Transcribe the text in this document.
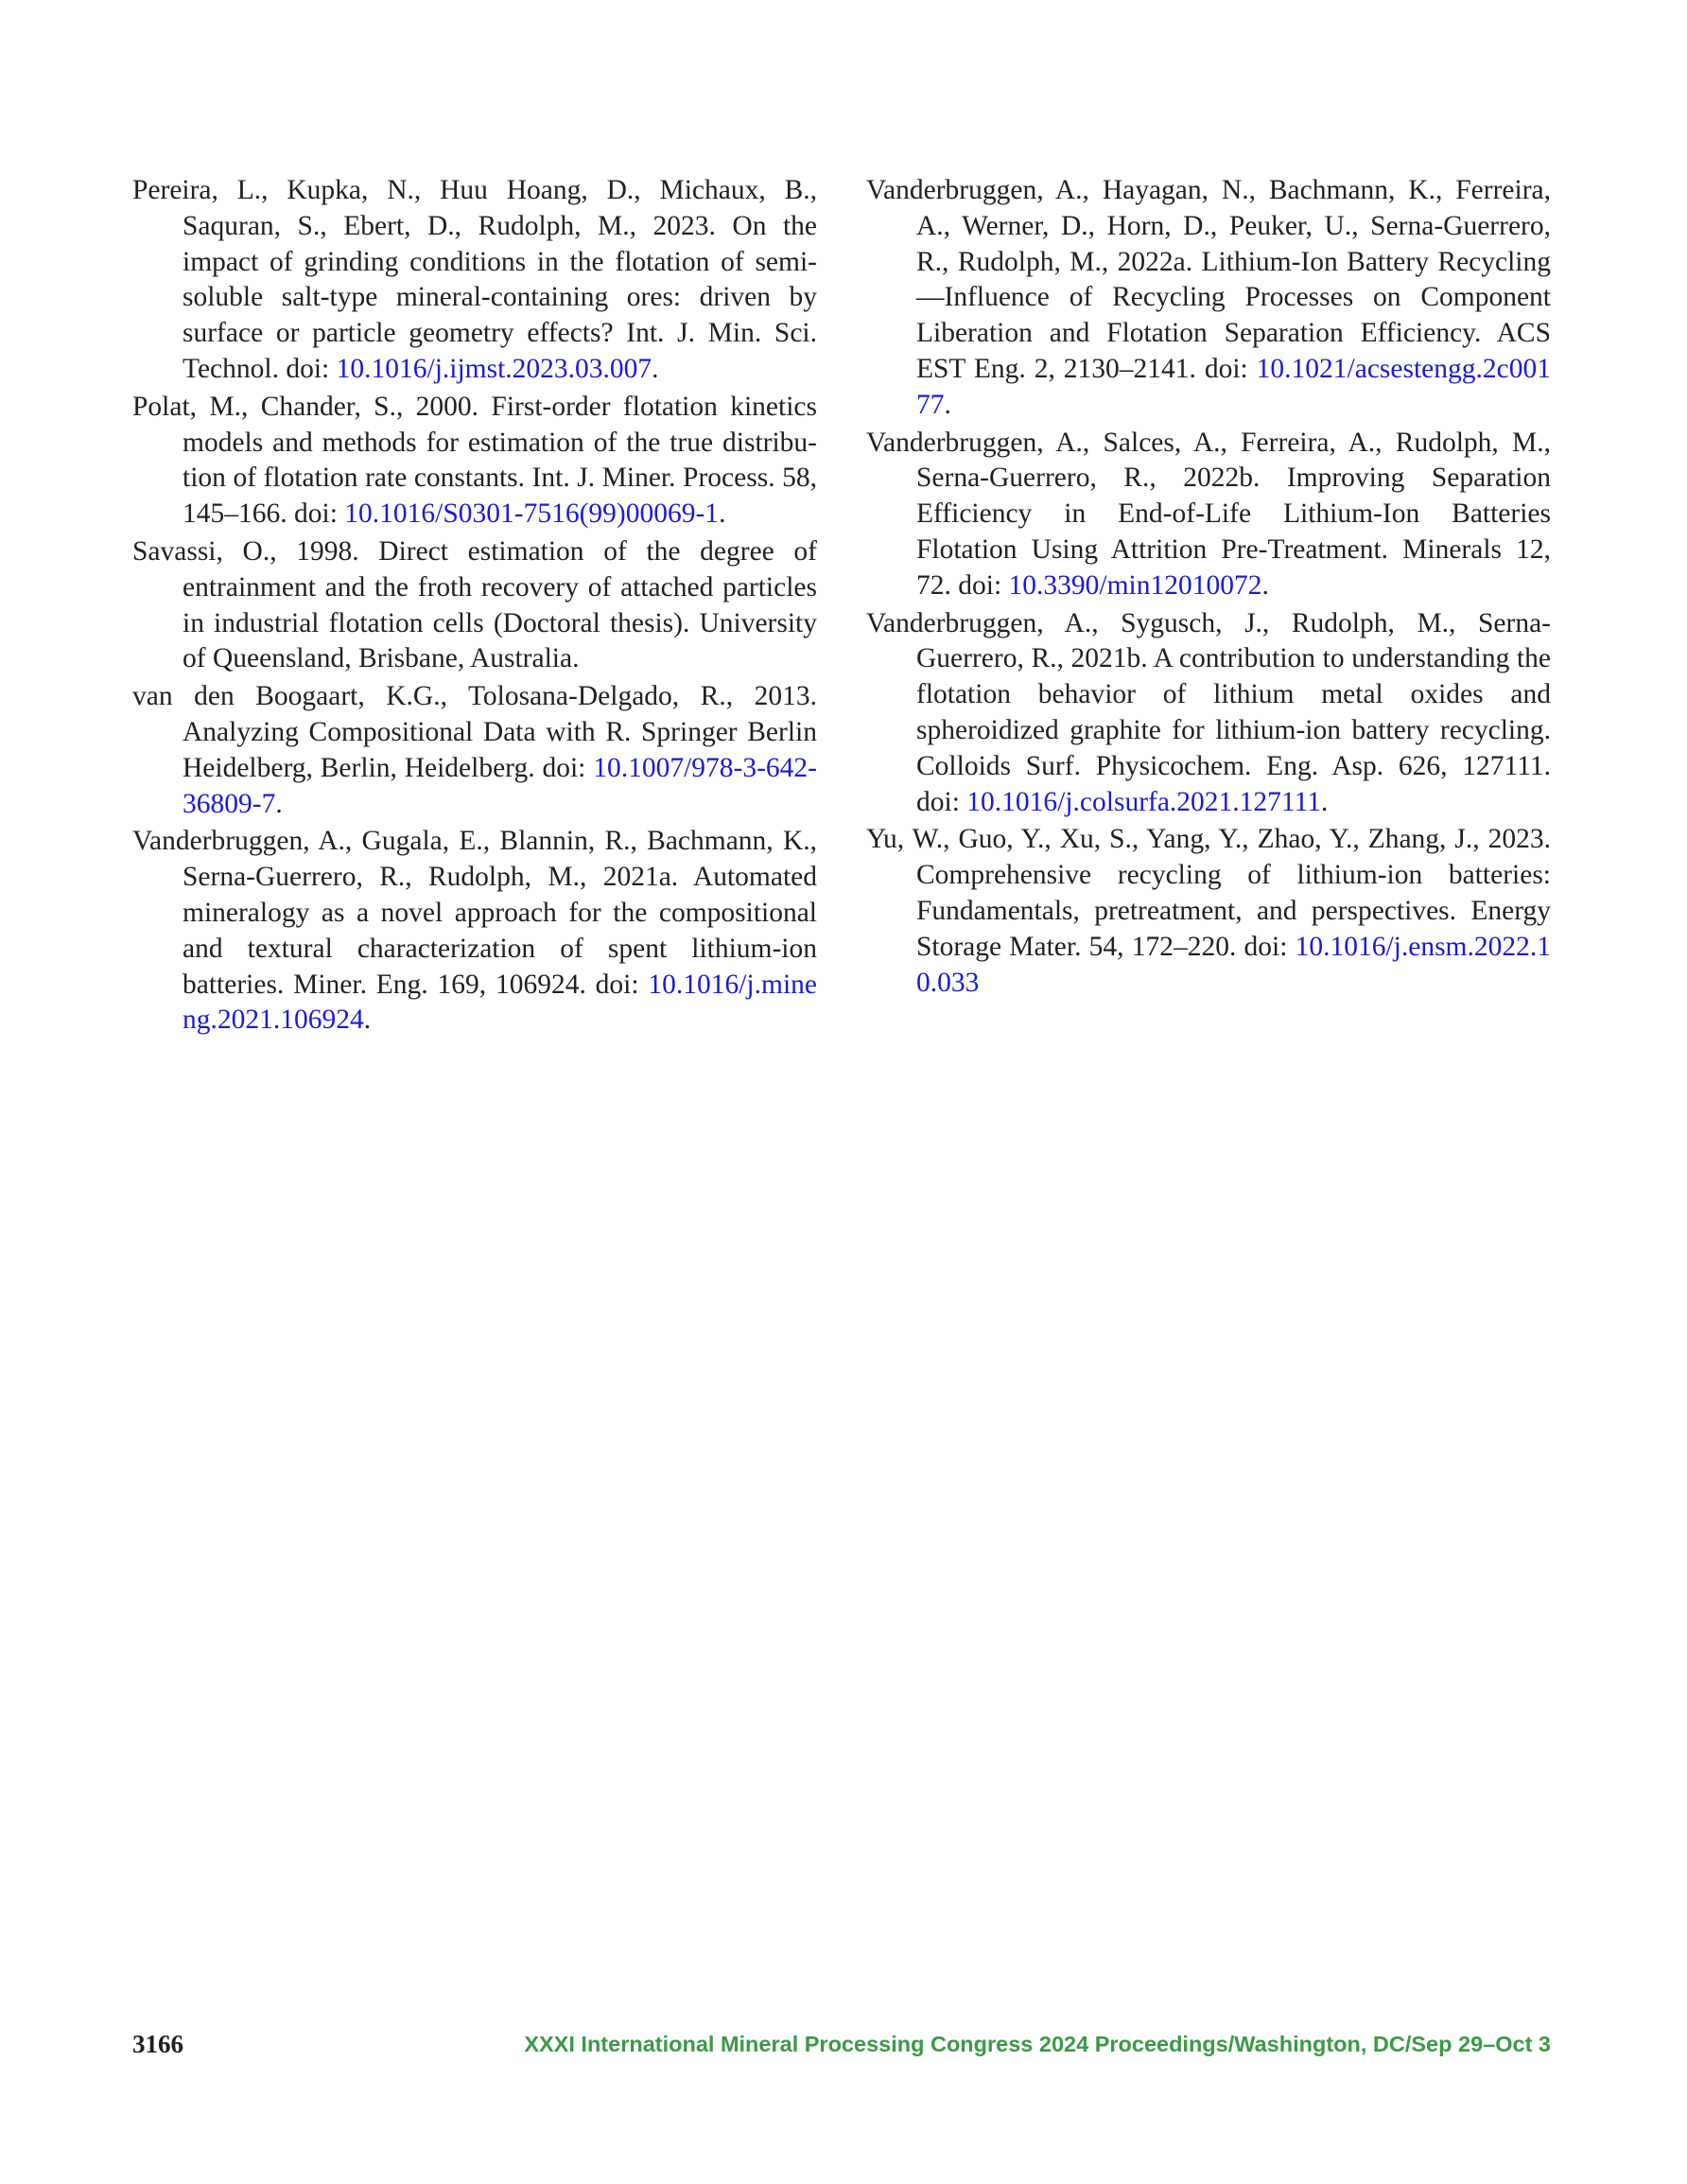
Pereira, L., Kupka, N., Huu Hoang, D., Michaux, B., Saquran, S., Ebert, D., Rudolph, M., 2023. On the impact of grinding conditions in the flotation of semisoluble salt-type mineral-containing ores: driven by surface or particle geometry effects? Int. J. Min. Sci. Technol. doi: 10.1016/j.ijmst.2023.03.007.

Polat, M., Chander, S., 2000. First-order flotation kinetics models and methods for estimation of the true distribution of flotation rate constants. Int. J. Miner. Process. 58, 145–166. doi: 10.1016/S0301-7516(99)00069-1.

Savassi, O., 1998. Direct estimation of the degree of entrainment and the froth recovery of attached particles in industrial flotation cells (Doctoral thesis). University of Queensland, Brisbane, Australia.

van den Boogaart, K.G., Tolosana-Delgado, R., 2013. Analyzing Compositional Data with R. Springer Berlin Heidelberg, Berlin, Heidelberg. doi: 10.1007/978-3-642-36809-7.

Vanderbruggen, A., Gugala, E., Blannin, R., Bachmann, K., Serna-Guerrero, R., Rudolph, M., 2021a. Automated mineralogy as a novel approach for the compositional and textural characterization of spent lithium-ion batteries. Miner. Eng. 169, 106924. doi: 10.1016/j.mineng.2021.106924.

Vanderbruggen, A., Hayagan, N., Bachmann, K., Ferreira, A., Werner, D., Horn, D., Peuker, U., Serna-Guerrero, R., Rudolph, M., 2022a. Lithium-Ion Battery Recycling—Influence of Recycling Processes on Component Liberation and Flotation Separation Efficiency. ACS EST Eng. 2, 2130–2141. doi: 10.1021/acsestengg.2c00177.

Vanderbruggen, A., Salces, A., Ferreira, A., Rudolph, M., Serna-Guerrero, R., 2022b. Improving Separation Efficiency in End-of-Life Lithium-Ion Batteries Flotation Using Attrition Pre-Treatment. Minerals 12, 72. doi: 10.3390/min12010072.

Vanderbruggen, A., Sygusch, J., Rudolph, M., Serna-Guerrero, R., 2021b. A contribution to understanding the flotation behavior of lithium metal oxides and spheroidized graphite for lithium-ion battery recycling. Colloids Surf. Physicochem. Eng. Asp. 626, 127111. doi: 10.1016/j.colsurfa.2021.127111.

Yu, W., Guo, Y., Xu, S., Yang, Y., Zhao, Y., Zhang, J., 2023. Comprehensive recycling of lithium-ion batteries: Fundamentals, pretreatment, and perspectives. Energy Storage Mater. 54, 172–220. doi: 10.1016/j.ensm.2022.10.033

3166	XXXI International Mineral Processing Congress 2024 Proceedings/Washington, DC/Sep 29–Oct 3
